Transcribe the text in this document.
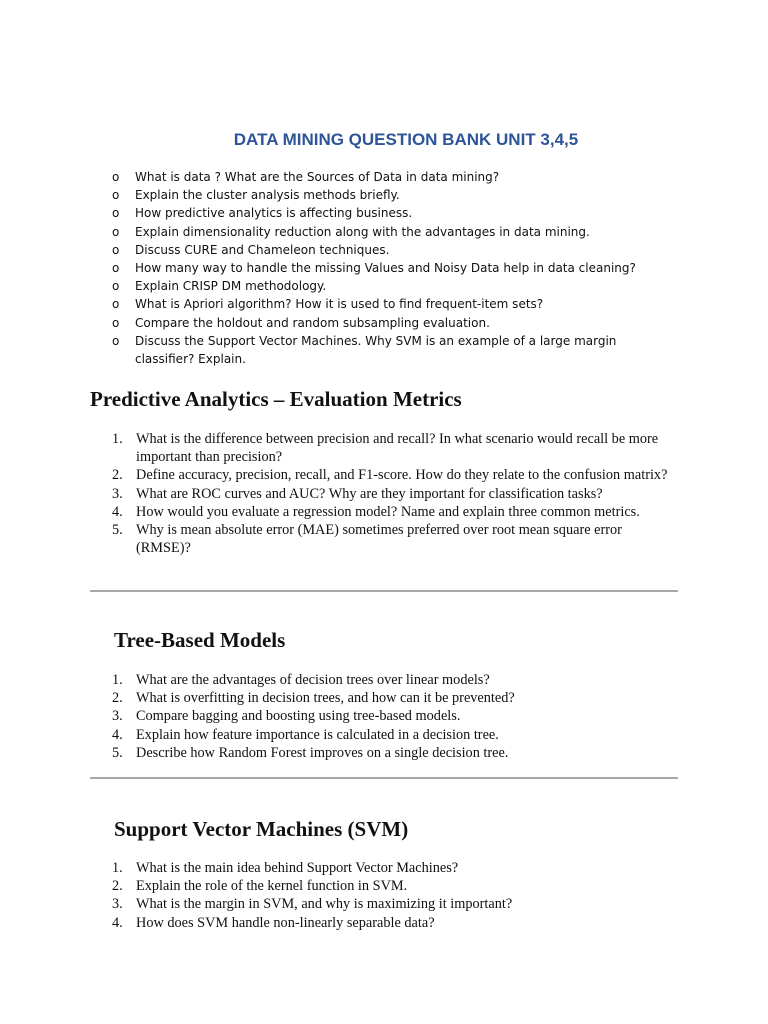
DATA MINING QUESTION BANK UNIT 3,4,5
o What is data ? What are the Sources of Data in data mining?
o Explain the cluster analysis methods briefly.
o How predictive analytics is affecting business.
o Explain dimensionality reduction along with the advantages in data mining.
o Discuss CURE and Chameleon techniques.
o How many way to handle the missing Values and Noisy Data help in data cleaning?
o Explain CRISP DM methodology.
o What is Apriori algorithm? How it is used to find frequent-item sets?
o Compare the holdout and random subsampling evaluation.
o Discuss the Support Vector Machines. Why SVM is an example of a large margin classifier? Explain.
Predictive Analytics – Evaluation Metrics
1. What is the difference between precision and recall? In what scenario would recall be more important than precision?
2. Define accuracy, precision, recall, and F1-score. How do they relate to the confusion matrix?
3. What are ROC curves and AUC? Why are they important for classification tasks?
4. How would you evaluate a regression model? Name and explain three common metrics.
5. Why is mean absolute error (MAE) sometimes preferred over root mean square error (RMSE)?
Tree-Based Models
1. What are the advantages of decision trees over linear models?
2. What is overfitting in decision trees, and how can it be prevented?
3. Compare bagging and boosting using tree-based models.
4. Explain how feature importance is calculated in a decision tree.
5. Describe how Random Forest improves on a single decision tree.
Support Vector Machines (SVM)
1. What is the main idea behind Support Vector Machines?
2. Explain the role of the kernel function in SVM.
3. What is the margin in SVM, and why is maximizing it important?
4. How does SVM handle non-linearly separable data?
